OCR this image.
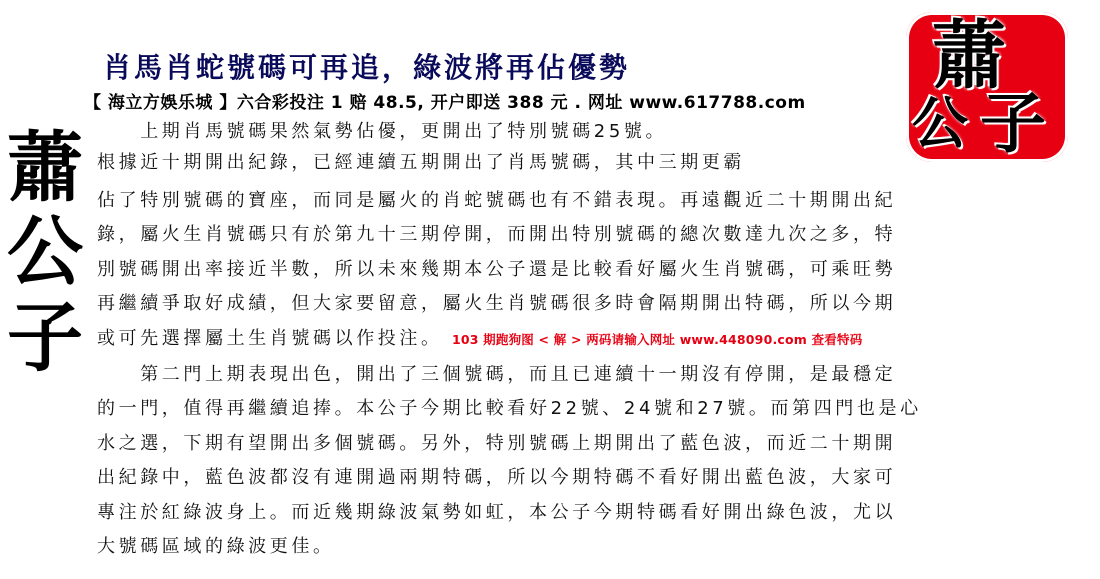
蕭
公
子
蕭
公 子
肖馬肖蛇號碼可再追，綠波將再佔優勢
【 海立方娛乐城 】六合彩投注 1 赔 48.5, 开户即送 388 元 . 网址 www.617788.com
　　上期肖馬號碼果然氣勢佔優，更開出了特別號碼25號。
根據近十期開出紀錄，已經連續五期開出了肖馬號碼，其中三期更霸
佔了特別號碼的寶座，而同是屬火的肖蛇號碼也有不錯表現。再遠觀近二十期開出紀
錄，屬火生肖號碼只有於第九十三期停開，而開出特別號碼的總次數達九次之多，特
別號碼開出率接近半數，所以未來幾期本公子還是比較看好屬火生肖號碼，可乘旺勢
再繼續爭取好成績，但大家要留意，屬火生肖號碼很多時會隔期開出特碼，所以今期
或可先選擇屬土生肖號碼以作投注。 103 期跑狗图 < 解 > 两码请输入网址 www.448090.com 查看特码
　　第二門上期表現出色，開出了三個號碼，而且已連續十一期沒有停開，是最穩定
的一門，值得再繼續追捧。本公子今期比較看好22號、24號和27號。而第四門也是心
水之選，下期有望開出多個號碼。另外，特別號碼上期開出了藍色波，而近二十期開
出紀錄中，藍色波都沒有連開過兩期特碼，所以今期特碼不看好開出藍色波，大家可
專注於紅綠波身上。而近幾期綠波氣勢如虹，本公子今期特碼看好開出綠色波，尤以
大號碼區域的綠波更佳。
